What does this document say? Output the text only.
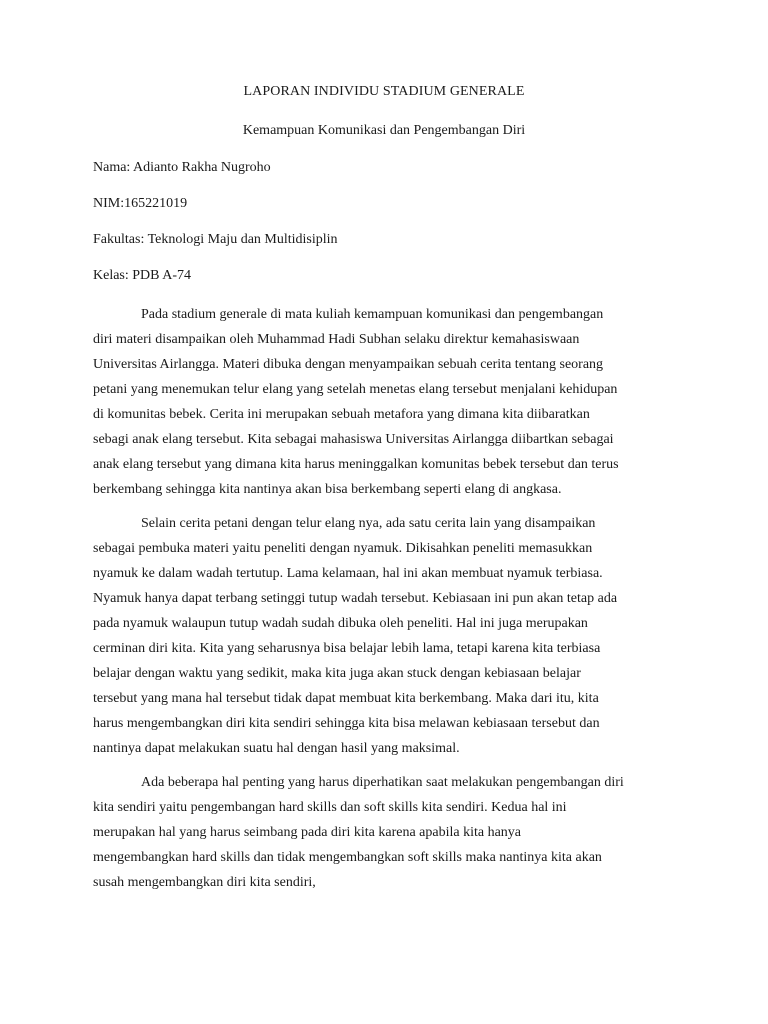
LAPORAN INDIVIDU STADIUM GENERALE
Kemampuan Komunikasi dan Pengembangan Diri
Nama: Adianto Rakha Nugroho
NIM:165221019
Fakultas: Teknologi Maju dan Multidisiplin
Kelas: PDB A-74
Pada stadium generale di mata kuliah kemampuan komunikasi dan pengembangan
diri materi disampaikan oleh Muhammad Hadi Subhan selaku direktur kemahasiswaan
Universitas Airlangga. Materi dibuka dengan menyampaikan sebuah cerita tentang seorang
petani yang menemukan telur elang yang setelah menetas elang tersebut menjalani kehidupan
di komunitas bebek. Cerita ini merupakan sebuah metafora yang dimana kita diibaratkan
sebagi anak elang tersebut. Kita sebagai mahasiswa Universitas Airlangga diibartkan sebagai
anak elang tersebut yang dimana kita harus meninggalkan komunitas bebek tersebut dan terus
berkembang sehingga kita nantinya akan bisa berkembang seperti elang di angkasa.
Selain cerita petani dengan telur elang nya, ada satu cerita lain yang disampaikan
sebagai pembuka materi yaitu peneliti dengan nyamuk. Dikisahkan peneliti memasukkan
nyamuk ke dalam wadah tertutup. Lama kelamaan, hal ini akan membuat nyamuk terbiasa.
Nyamuk hanya dapat terbang setinggi tutup wadah tersebut. Kebiasaan ini pun akan tetap ada
pada nyamuk walaupun tutup wadah sudah dibuka oleh peneliti. Hal ini juga merupakan
cerminan diri kita. Kita yang seharusnya bisa belajar lebih lama, tetapi karena kita terbiasa
belajar dengan waktu yang sedikit, maka kita juga akan stuck dengan kebiasaan belajar
tersebut yang mana hal tersebut tidak dapat membuat kita berkembang. Maka dari itu, kita
harus mengembangkan diri kita sendiri sehingga kita bisa melawan kebiasaan tersebut dan
nantinya dapat melakukan suatu hal dengan hasil yang maksimal.
Ada beberapa hal penting yang harus diperhatikan saat melakukan pengembangan diri
kita sendiri yaitu pengembangan hard skills dan soft skills kita sendiri. Kedua hal ini
merupakan hal yang harus seimbang pada diri kita karena apabila kita hanya
mengembangkan hard skills dan tidak mengembangkan soft skills maka nantinya kita akan
susah mengembangkan diri kita sendiri,
